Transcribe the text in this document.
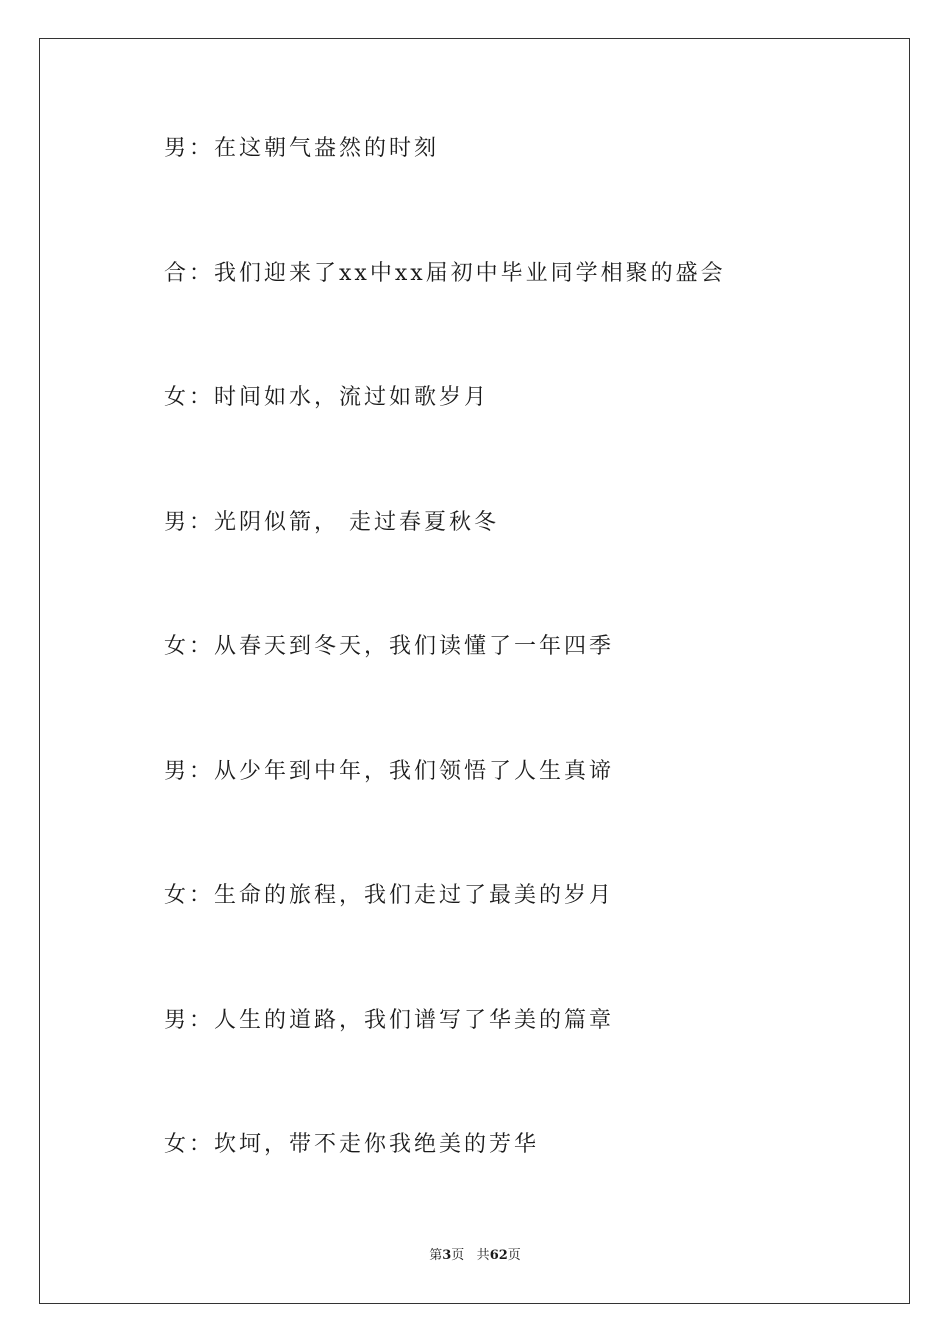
男：在这朝气盎然的时刻
合：我们迎来了xx中xx届初中毕业同学相聚的盛会
女：时间如水，流过如歌岁月
男：光阴似箭， 走过春夏秋冬
女：从春天到冬天，我们读懂了一年四季
男：从少年到中年，我们领悟了人生真谛
女：生命的旅程，我们走过了最美的岁月
男：人生的道路，我们谱写了华美的篇章
女：坎坷，带不走你我绝美的芳华
第3页 共62页
